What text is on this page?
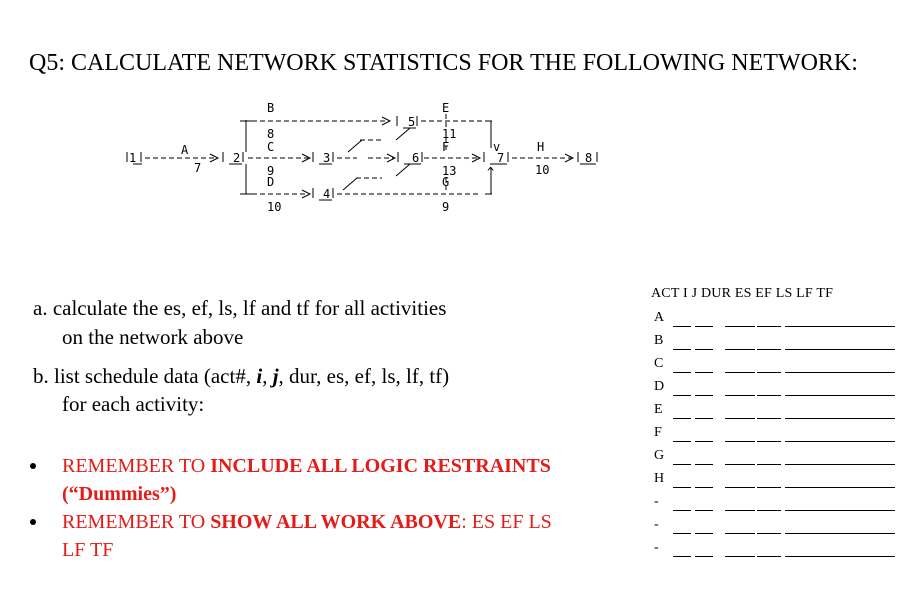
Q5: CALCULATE NETWORK STATISTICS FOR THE FOLLOWING NETWORK:
1
A
7
2
B
8
C
9
D
10
3
4
5
E
11
6
F
13
G
9
7
v
^
H
10
8
a. calculate the es, ef, ls, lf and tf for all activities
on the network above
b. list schedule data (act#, i, j, dur, es, ef, ls, lf, tf)
for each activity:
REMEMBER TO INCLUDE ALL LOGIC RESTRAINTS
(“Dummies”)
REMEMBER TO SHOW ALL WORK ABOVE: ES EF LS
LF TF
ACT I J DUR ES EF LS LF TF
A
B
C
D
E
F
G
H
-
-
-
